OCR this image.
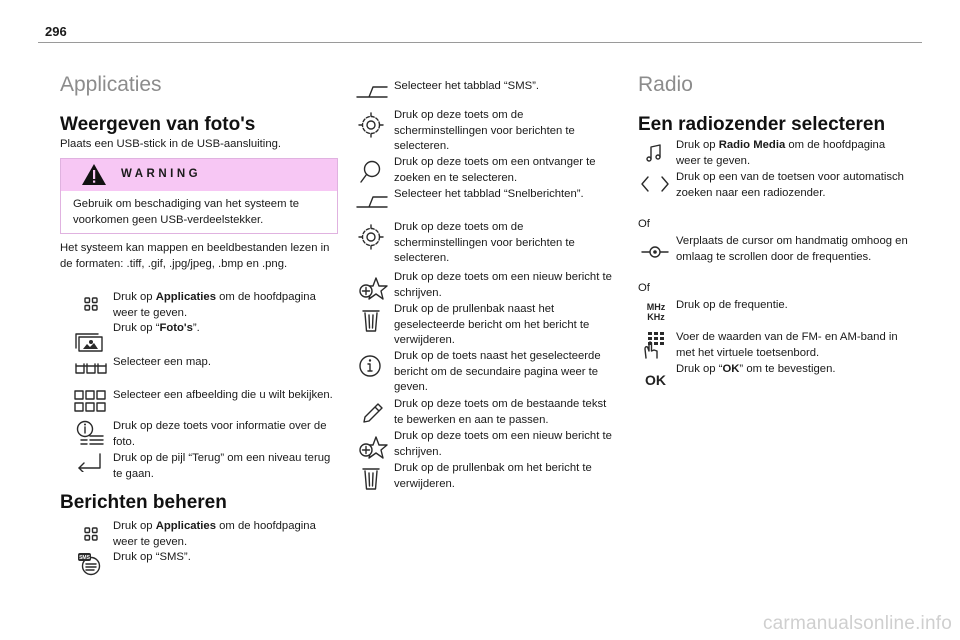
296
Applicaties
Weergeven van foto's
Plaats een USB-stick in de USB-aansluiting.
WARNING
Gebruik om beschadiging van het systeem te voorkomen geen USB-verdeelstekker.
Het systeem kan mappen en beeldbestanden lezen in de formaten: .tiff, .gif, .jpg/jpeg, .bmp en .png.
Druk op Applicaties om de hoofdpagina weer te geven.
Druk op “Foto's”.
Selecteer een map.
Selecteer een afbeelding die u wilt bekijken.
Druk op deze toets voor informatie over de foto.
Druk op de pijl “Terug” om een niveau terug te gaan.
Berichten beheren
Druk op Applicaties om de hoofdpagina weer te geven.
SMS Druk op “SMS”.
Selecteer het tabblad “SMS”.
Druk op deze toets om de scherminstellingen voor berichten te selecteren.
Druk op deze toets om een ontvanger te zoeken en te selecteren.
Selecteer het tabblad “Snelberichten”.
Druk op deze toets om de scherminstellingen voor berichten te selecteren.
Druk op deze toets om een nieuw bericht te schrijven.
Druk op de prullenbak naast het geselecteerde bericht om het bericht te verwijderen.
Druk op de toets naast het geselecteerde bericht om de secundaire pagina weer te geven.
Druk op deze toets om de bestaande tekst te bewerken en aan te passen.
Druk op deze toets om een nieuw bericht te schrijven.
Druk op de prullenbak om het bericht te verwijderen.
Radio
Een radiozender selecteren
Druk op Radio Media om de hoofdpagina weer te geven.
Druk op een van de toetsen voor automatisch zoeken naar een radiozender.
Of
Verplaats de cursor om handmatig omhoog en omlaag te scrollen door de frequenties.
Of
MHz
KHz
Druk op de frequentie.
Voer de waarden van de FM- en AM-band in met het virtuele toetsenbord.
OK
Druk op “OK” om te bevestigen.
carmanualsonline.info
